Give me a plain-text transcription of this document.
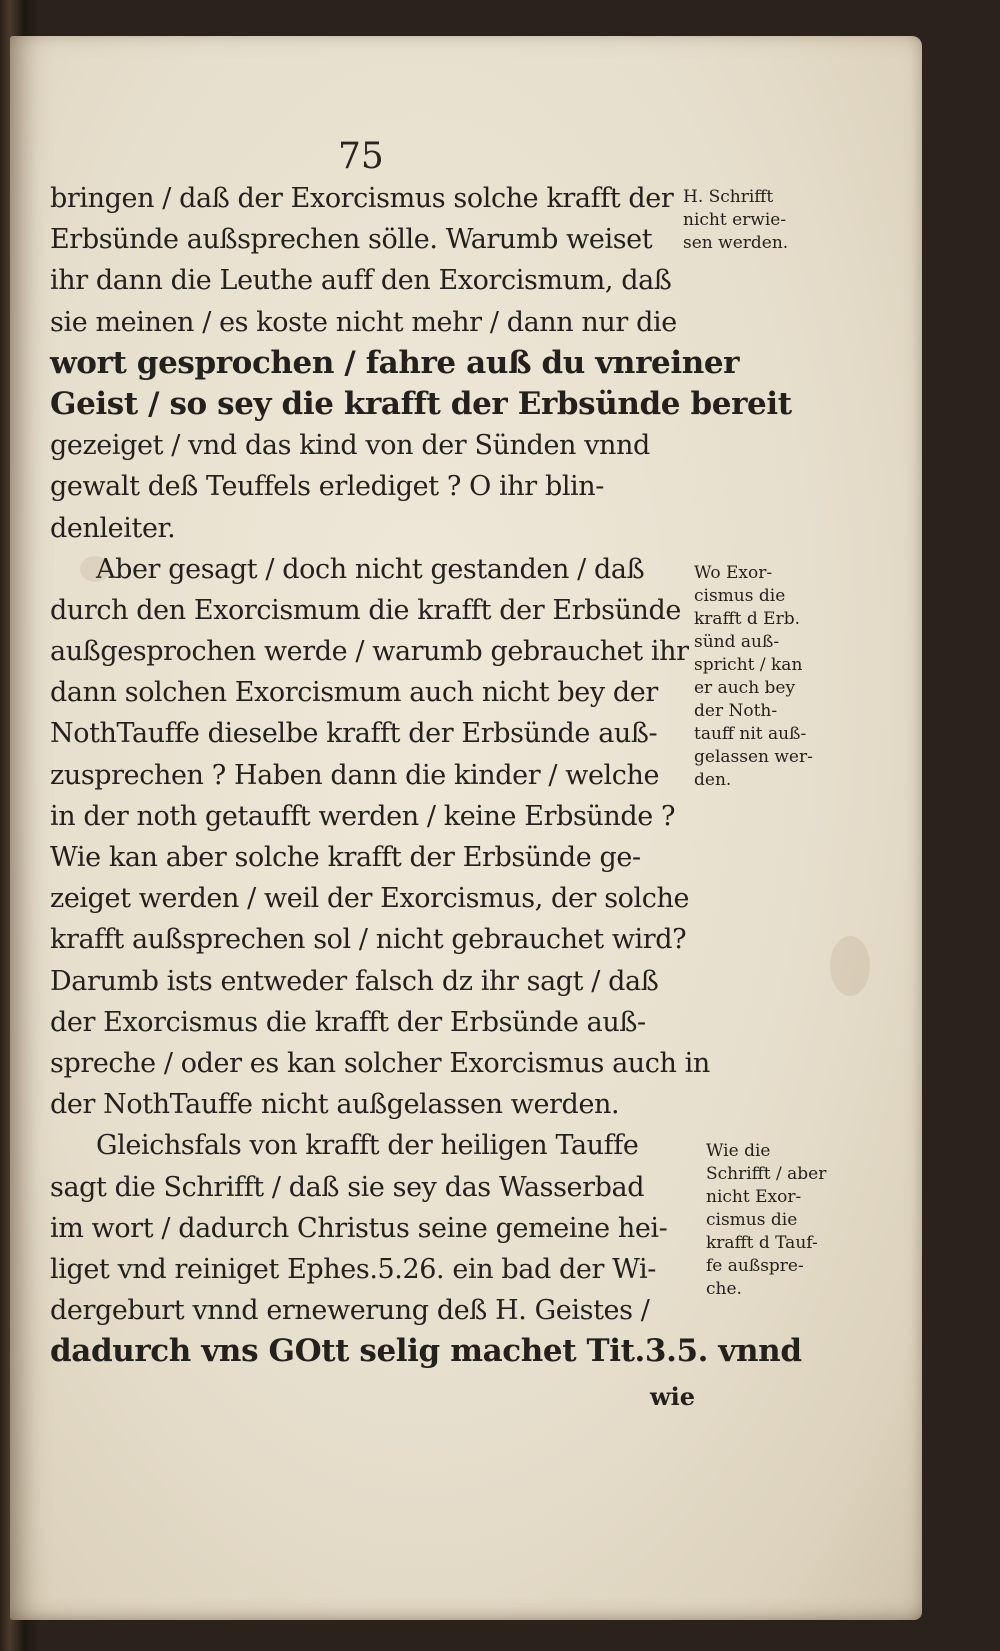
75
bringen / daß der Exorcismus solche krafft der
Erbsünde außsprechen sölle. Warumb weiset
ihr dann die Leuthe auff den Exorcismum, daß
sie meinen / es koste nicht mehr / dann nur die
wort gesprochen / fahre auß du vnreiner
Geist / so sey die krafft der Erbsünde bereit
gezeiget / vnd das kind von der Sünden vnnd
gewalt deß Teuffels erlediget ? O ihr blin-
denleiter.
Aber gesagt / doch nicht gestanden / daß
durch den Exorcismum die krafft der Erbsünde
außgesprochen werde / warumb gebrauchet ihr
dann solchen Exorcismum auch nicht bey der
NothTauffe dieselbe krafft der Erbsünde auß-
zusprechen ? Haben dann die kinder / welche
in der noth getaufft werden / keine Erbsünde ?
Wie kan aber solche krafft der Erbsünde ge-
zeiget werden / weil der Exorcismus, der solche
krafft außsprechen sol / nicht gebrauchet wird?
Darumb ists entweder falsch dz ihr sagt / daß
der Exorcismus die krafft der Erbsünde auß-
spreche / oder es kan solcher Exorcismus auch in
der NothTauffe nicht außgelassen werden.
Gleichsfals von krafft der heiligen Tauffe
sagt die Schrifft / daß sie sey das Wasserbad
im wort / dadurch Christus seine gemeine hei-
liget vnd reiniget Ephes.5.26. ein bad der Wi-
dergeburt vnnd ernewerung deß H. Geistes /
dadurch vns GOtt selig machet Tit.3.5. vnnd
H. Schrifft
nicht erwie-
sen werden.
Wo Exor-
cismus die
krafft d Erb.
sünd auß-
spricht / kan
er auch bey
der Noth-
tauff nit auß-
gelassen wer-
den.
Wie die
Schrifft / aber
nicht Exor-
cismus die
krafft d Tauf-
fe außspre-
che.
wie
